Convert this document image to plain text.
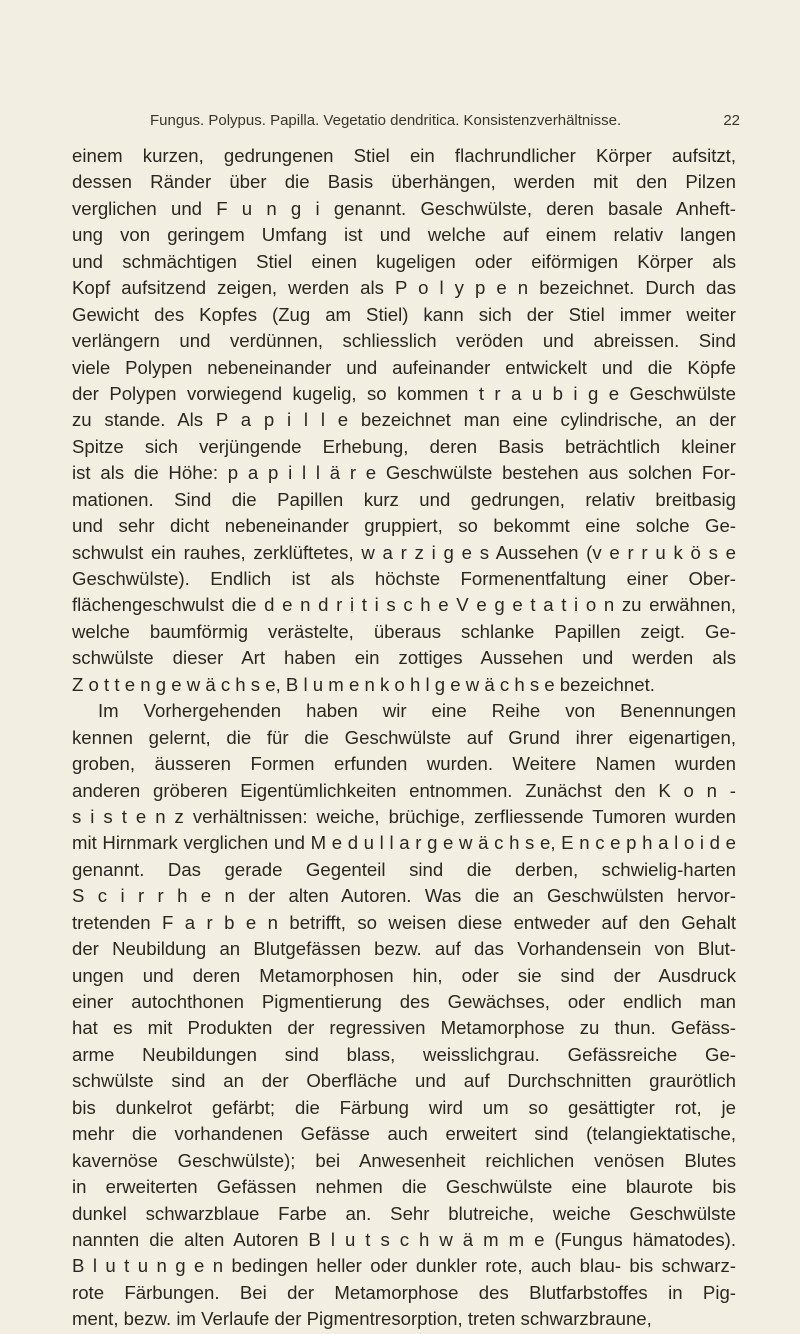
Fungus. Polypus. Papilla. Vegetatio dendritica. Konsistenzverhältnisse.	22
einem kurzen, gedrungenen Stiel ein flachrundlicher Körper aufsitzt,
dessen Ränder über die Basis überhängen, werden mit den Pilzen
verglichen und F u n g i genannt. Geschwülste, deren basale Anheft-
ung von geringem Umfang ist und welche auf einem relativ langen
und schmächtigen Stiel einen kugeligen oder eiförmigen Körper als
Kopf aufsitzend zeigen, werden als P o l y p e n bezeichnet. Durch das
Gewicht des Kopfes (Zug am Stiel) kann sich der Stiel immer weiter
verlängern und verdünnen, schliesslich veröden und abreissen. Sind
viele Polypen nebeneinander und aufeinander entwickelt und die Köpfe
der Polypen vorwiegend kugelig, so kommen t r a u b i g e Geschwülste
zu stande. Als P a p i l l e bezeichnet man eine cylindrische, an der
Spitze sich verjüngende Erhebung, deren Basis beträchtlich kleiner
ist als die Höhe: p a p i l l ä r e Geschwülste bestehen aus solchen For-
mationen. Sind die Papillen kurz und gedrungen, relativ breitbasig
und sehr dicht nebeneinander gruppiert, so bekommt eine solche Ge-
schwulst ein rauhes, zerklüftetes, w a r z i g e s Aussehen (v e r r u k ö s e
Geschwülste). Endlich ist als höchste Formenentfaltung einer Ober-
flächengeschwulst die d e n d r i t i s c h e V e g e t a t i o n zu erwähnen,
welche baumförmig verästelte, überaus schlanke Papillen zeigt. Ge-
schwülste dieser Art haben ein zottiges Aussehen und werden als
Z o t t e n g e w ä c h s e, B l u m e n k o h l g e w ä c h s e bezeichnet.
Im Vorhergehenden haben wir eine Reihe von Benennungen
kennen gelernt, die für die Geschwülste auf Grund ihrer eigenartigen,
groben, äusseren Formen erfunden wurden. Weitere Namen wurden
anderen gröberen Eigentümlichkeiten entnommen. Zunächst den K o n -
s i s t e n z verhältnissen: weiche, brüchige, zerfliessende Tumoren wurden
mit Hirnmark verglichen und M e d u l l a r g e w ä c h s e, E n c e p h a l o i d e
genannt. Das gerade Gegenteil sind die derben, schwielig-harten
S c i r r h e n der alten Autoren. Was die an Geschwülsten hervor-
tretenden F a r b e n betrifft, so weisen diese entweder auf den Gehalt
der Neubildung an Blutgefässen bezw. auf das Vorhandensein von Blut-
ungen und deren Metamorphosen hin, oder sie sind der Ausdruck
einer autochthonen Pigmentierung des Gewächses, oder endlich man
hat es mit Produkten der regressiven Metamorphose zu thun. Gefäss-
arme Neubildungen sind blass, weisslichgrau. Gefässreiche Ge-
schwülste sind an der Oberfläche und auf Durchschnitten graurötlich
bis dunkelrot gefärbt; die Färbung wird um so gesättigter rot, je
mehr die vorhandenen Gefässe auch erweitert sind (telangiektatische,
kavernöse Geschwülste); bei Anwesenheit reichlichen venösen Blutes
in erweiterten Gefässen nehmen die Geschwülste eine blaurote bis
dunkel schwarzblaue Farbe an. Sehr blutreiche, weiche Geschwülste
nannten die alten Autoren B l u t s c h w ä m m e (Fungus hämatodes).
B l u t u n g e n bedingen heller oder dunkler rote, auch blau- bis schwarz-
rote Färbungen. Bei der Metamorphose des Blutfarbstoffes in Pig-
ment, bezw. im Verlaufe der Pigmentresorption, treten schwarzbraune,
